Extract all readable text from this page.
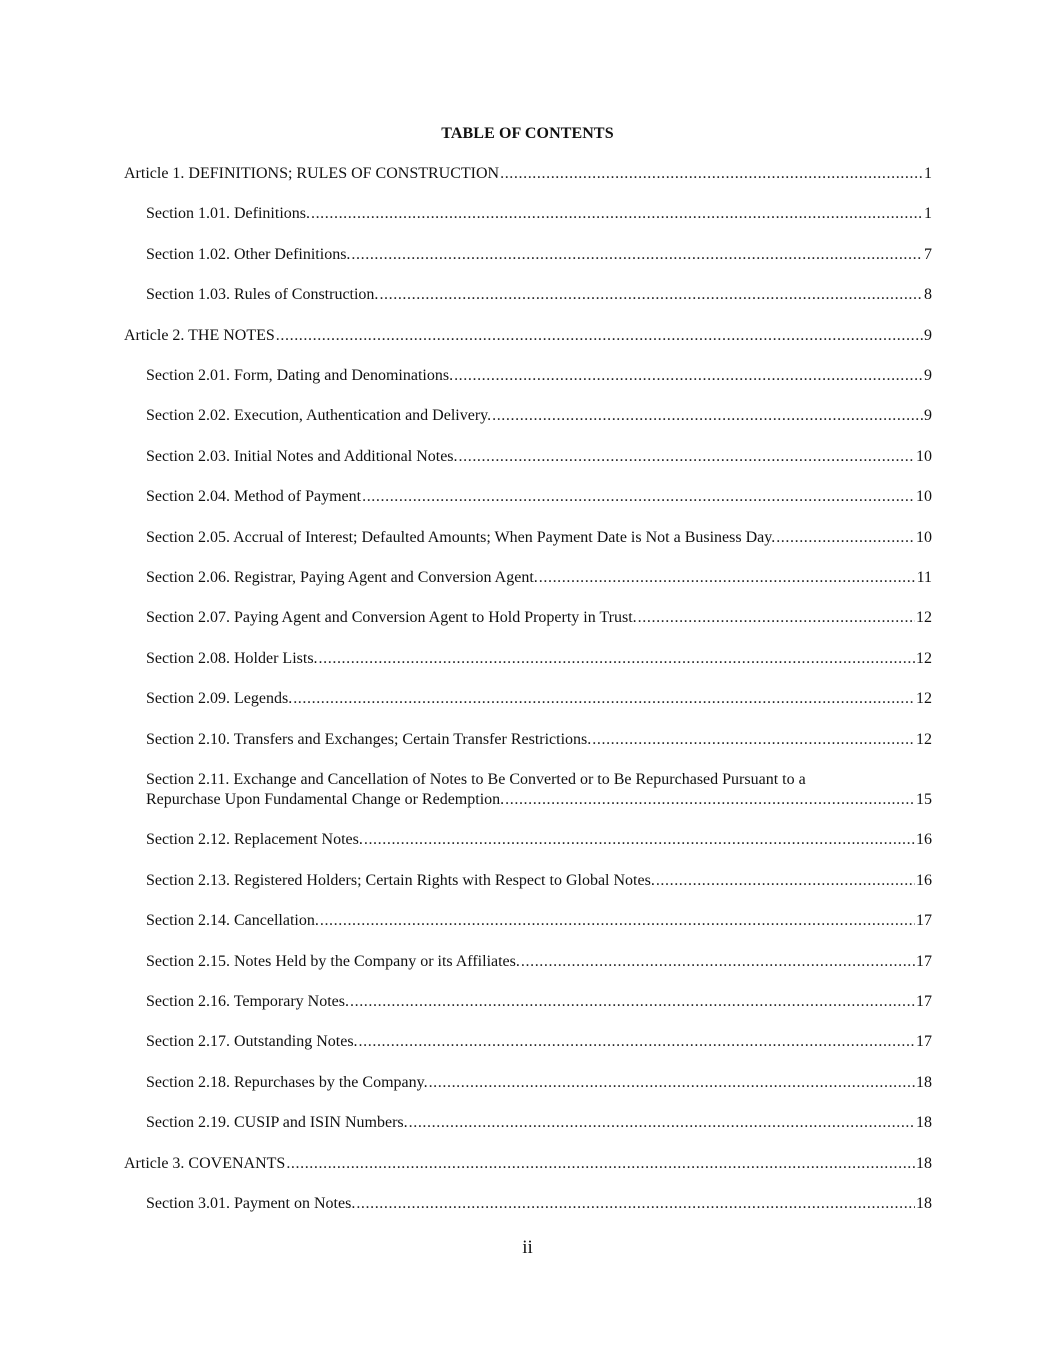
TABLE OF CONTENTS
Article 1. DEFINITIONS; RULES OF CONSTRUCTION .....	1
Section 1.01. Definitions. .....	1
Section 1.02. Other Definitions. .....	7
Section 1.03. Rules of Construction. .....	8
Article 2. THE NOTES .....	9
Section 2.01. Form, Dating and Denominations. .....	9
Section 2.02. Execution, Authentication and Delivery. .....	9
Section 2.03. Initial Notes and Additional Notes. .....	10
Section 2.04. Method of Payment .....	10
Section 2.05. Accrual of Interest; Defaulted Amounts; When Payment Date is Not a Business Day. .....	10
Section 2.06. Registrar, Paying Agent and Conversion Agent. .....	11
Section 2.07. Paying Agent and Conversion Agent to Hold Property in Trust. .....	12
Section 2.08. Holder Lists. .....	12
Section 2.09. Legends. .....	12
Section 2.10. Transfers and Exchanges; Certain Transfer Restrictions. .....	12
Section 2.11. Exchange and Cancellation of Notes to Be Converted or to Be Repurchased Pursuant to a
Repurchase Upon Fundamental Change or Redemption. .....	15
Section 2.12. Replacement Notes. .....	16
Section 2.13. Registered Holders; Certain Rights with Respect to Global Notes. .....	16
Section 2.14. Cancellation. .....	17
Section 2.15. Notes Held by the Company or its Affiliates. .....	17
Section 2.16. Temporary Notes. .....	17
Section 2.17. Outstanding Notes. .....	17
Section 2.18. Repurchases by the Company. .....	18
Section 2.19. CUSIP and ISIN Numbers. .....	18
Article 3. COVENANTS .....	18
Section 3.01. Payment on Notes. .....	18
ii
